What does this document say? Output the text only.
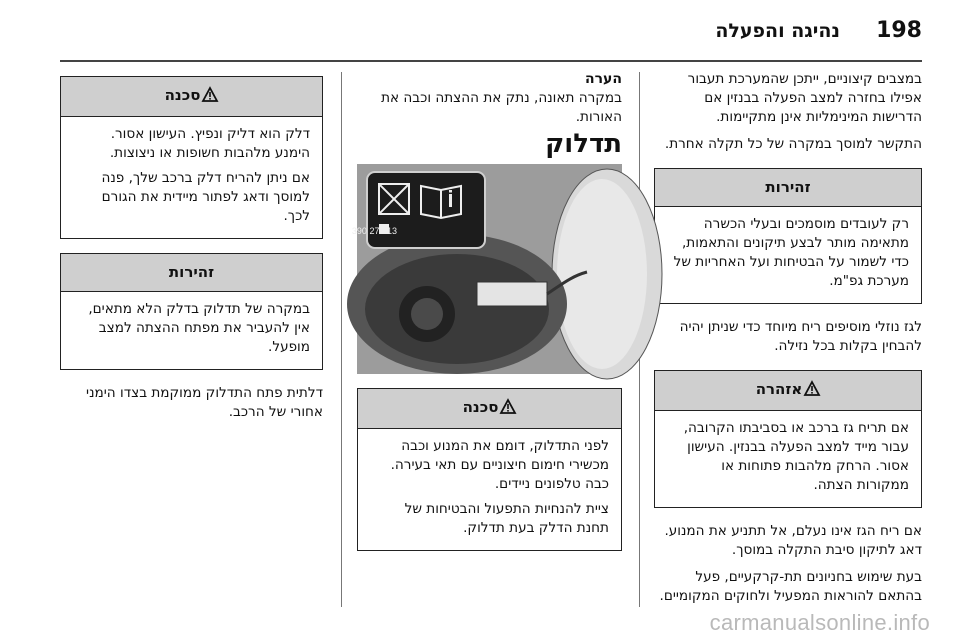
198
נהיגה והפעלה

במצבים קיצוניים, ייתכן שהמערכת תעבור אפילו בחזרה למצב הפעלה בבנזין אם הדרישות המינימליות אינן מתקיימות.

התקשר למוסך במקרה של כל תקלה אחרת.

זהירות

רק לעובדים מוסמכים ובעלי הכשרה מתאימה מותר לבצע תיקונים והתאמות, כדי לשמור על הבטיחות ועל האחריות של מערכת גפ"מ.

לגז נוזלי מוסיפים ריח מיוחד כדי שניתן יהיה להבחין בקלות בכל נזילה.

אזהרה

אם תריח גז ברכב או בסביבתו הקרובה, עבור מייד למצב הפעלה בבנזין. העישון אסור. הרחק מלהבות פתוחות או ממקורות הצתה.

אם ריח הגז אינו נעלם, אל תתניע את המנוע. דאג לתיקון סיבת התקלה במוסך.

בעת שימוש בחניונים תת-קרקעיים, פעל בהתאם להוראות המפעיל ולחוקים המקומיים.

הערה

במקרה תאונה, נתק את ההצתה וכבה את האורות.

תדלוק
13 278 390
סכנה

לפני התדלוק, דומם את המנוע וכבה מכשירי חימום חיצוניים עם תאי בעירה. כבה טלפונים ניידים.

ציית להנחיות התפעול והבטיחות של תחנת הדלק בעת תדלוק.

סכנה

דלק הוא דליק ונפיץ. העישון אסור. הימנע מלהבות חשופות או ניצוצות.

אם ניתן להריח דלק ברכב שלך, פנה למוסך ודאג לפתור מיידית את הגורם לכך.

זהירות

במקרה של תדלוק בדלק הלא מתאים, אין להעביר את מפתח ההצתה למצב מופעל.

דלתית פתח התדלוק ממוקמת בצדו הימני אחורי של הרכב.

carmanualsonline.info
